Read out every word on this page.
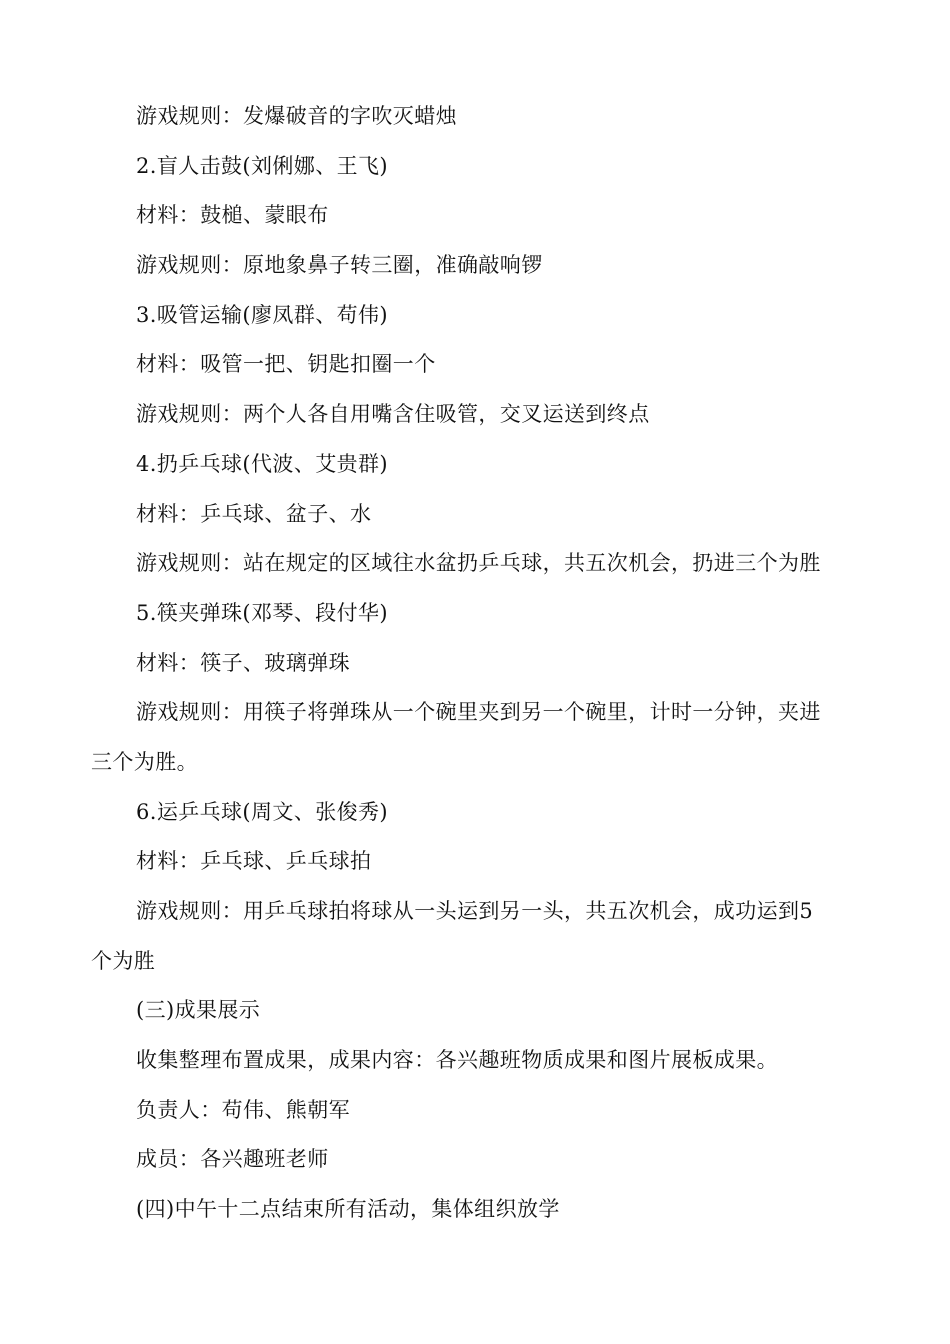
游戏规则：发爆破音的字吹灭蜡烛
2.盲人击鼓(刘俐娜、王飞)
材料：鼓槌、蒙眼布
游戏规则：原地象鼻子转三圈，准确敲响锣
3.吸管运输(廖凤群、苟伟)
材料：吸管一把、钥匙扣圈一个
游戏规则：两个人各自用嘴含住吸管，交叉运送到终点
4.扔乒乓球(代波、艾贵群)
材料：乒乓球、盆子、水
游戏规则：站在规定的区域往水盆扔乒乓球，共五次机会，扔进三个为胜
5.筷夹弹珠(邓琴、段付华)
材料：筷子、玻璃弹珠
游戏规则：用筷子将弹珠从一个碗里夹到另一个碗里，计时一分钟，夹进
三个为胜。
6.运乒乓球(周文、张俊秀)
材料：乒乓球、乒乓球拍
游戏规则：用乒乓球拍将球从一头运到另一头，共五次机会，成功运到5
个为胜
(三)成果展示
收集整理布置成果，成果内容：各兴趣班物质成果和图片展板成果。
负责人：苟伟、熊朝军
成员：各兴趣班老师
(四)中午十二点结束所有活动，集体组织放学
